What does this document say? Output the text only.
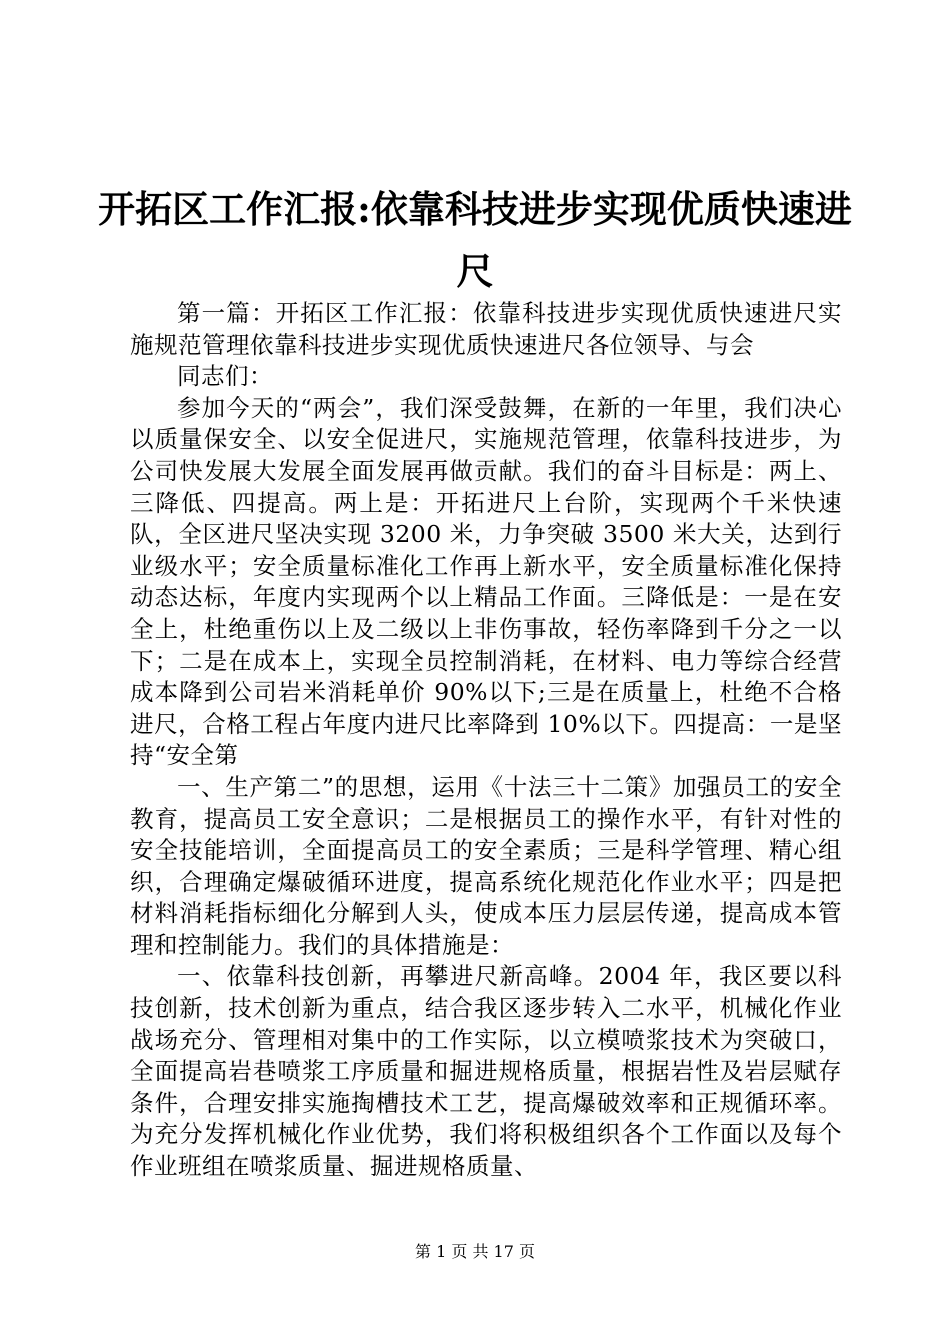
开拓区工作汇报:依靠科技进步实现优质快速进尺

第一篇：开拓区工作汇报：依靠科技进步实现优质快速进尺实施规范管理依靠科技进步实现优质快速进尺各位领导、与会

同志们：

参加今天的“两会”，我们深受鼓舞，在新的一年里，我们决心以质量保安全、以安全促进尺，实施规范管理，依靠科技进步，为公司快发展大发展全面发展再做贡献。我们的奋斗目标是：两上、三降低、四提高。两上是：开拓进尺上台阶，实现两个千米快速队，全区进尺坚决实现 3200 米，力争突破 3500 米大关，达到行业级水平；安全质量标准化工作再上新水平，安全质量标准化保持动态达标，年度内实现两个以上精品工作面。三降低是：一是在安全上，杜绝重伤以上及二级以上非伤事故，轻伤率降到千分之一以下；二是在成本上，实现全员控制消耗，在材料、电力等综合经营成本降到公司岩米消耗单价 90%以下;三是在质量上，杜绝不合格进尺，合格工程占年度内进尺比率降到 10%以下。四提高：一是坚持“安全第

一、生产第二”的思想，运用《十法三十二策》加强员工的安全教育，提高员工安全意识；二是根据员工的操作水平，有针对性的安全技能培训，全面提高员工的安全素质；三是科学管理、精心组织，合理确定爆破循环进度，提高系统化规范化作业水平；四是把材料消耗指标细化分解到人头，使成本压力层层传递，提高成本管理和控制能力。我们的具体措施是：

一、依靠科技创新，再攀进尺新高峰。2004 年，我区要以科技创新，技术创新为重点，结合我区逐步转入二水平，机械化作业战场充分、管理相对集中的工作实际，以立模喷浆技术为突破口，全面提高岩巷喷浆工序质量和掘进规格质量，根据岩性及岩层赋存条件，合理安排实施掏槽技术工艺，提高爆破效率和正规循环率。为充分发挥机械化作业优势，我们将积极组织各个工作面以及每个作业班组在喷浆质量、掘进规格质量、

第 1 页 共 17 页
